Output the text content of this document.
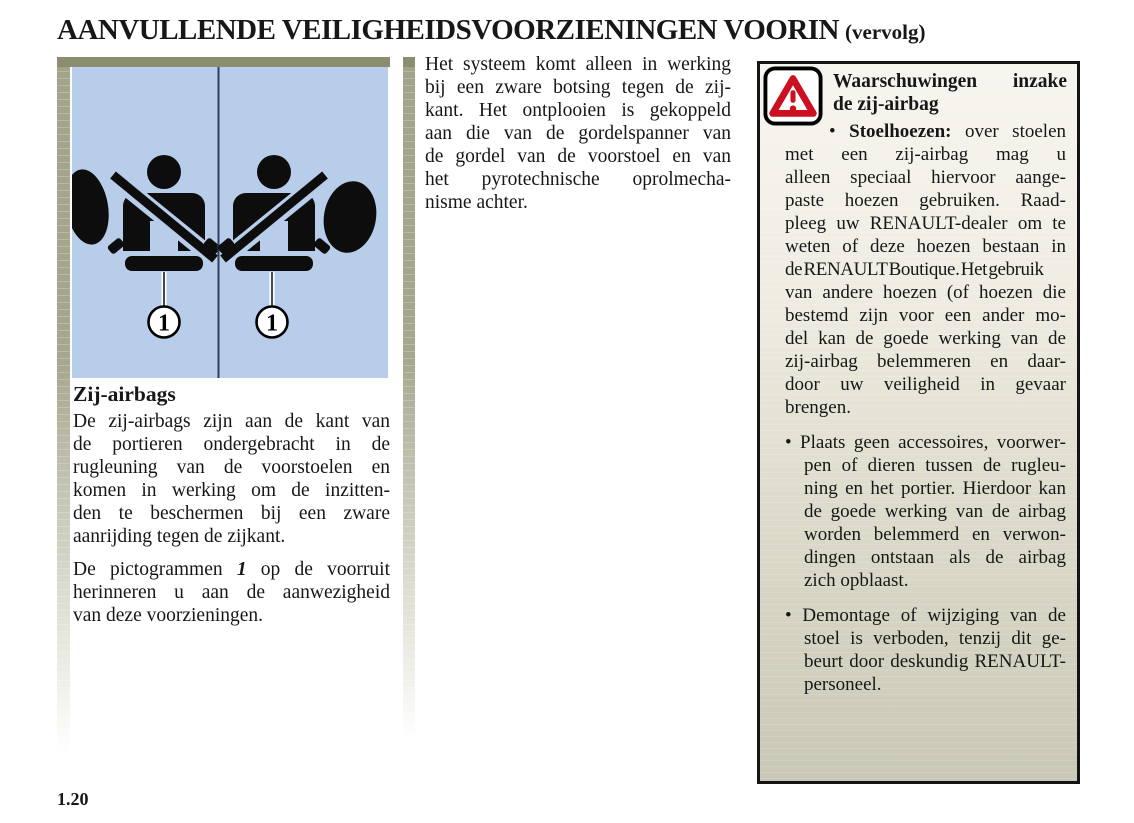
AANVULLENDE VEILIGHEIDSVOORZIENINGEN VOORIN (vervolg)
1	1
Zij-airbags
De zij-airbags zijn aan de kant van
de portieren ondergebracht in de
rugleuning van de voorstoelen en
komen in werking om de inzitten-
den te beschermen bij een zware
aanrijding tegen de zijkant.
De pictogrammen 1 op de voorruit
herinneren u aan de aanwezigheid
van deze voorzieningen.
Het systeem komt alleen in werking
bij een zware botsing tegen de zij-
kant. Het ontplooien is gekoppeld
aan die van de gordelspanner van
de gordel van de voorstoel en van
het pyrotechnische oprolmecha-
nisme achter.
Waarschuwingen inzake
de zij-airbag
• Stoelhoezen: over stoelen
met een zij-airbag mag u
alleen speciaal hiervoor aange-
paste hoezen gebruiken. Raad-
pleeg uw RENAULT-dealer om te
weten of deze hoezen bestaan in
de RENAULT Boutique. Het gebruik
van andere hoezen (of hoezen die
bestemd zijn voor een ander mo-
del kan de goede werking van de
zij-airbag belemmeren en daar-
door uw veiligheid in gevaar
brengen.
• Plaats geen accessoires, voorwer-
pen of dieren tussen de rugleu-
ning en het portier. Hierdoor kan
de goede werking van de airbag
worden belemmerd en verwon-
dingen ontstaan als de airbag
zich opblaast.
• Demontage of wijziging van de
stoel is verboden, tenzij dit ge-
beurt door deskundig RENAULT-
personeel.
1.20
